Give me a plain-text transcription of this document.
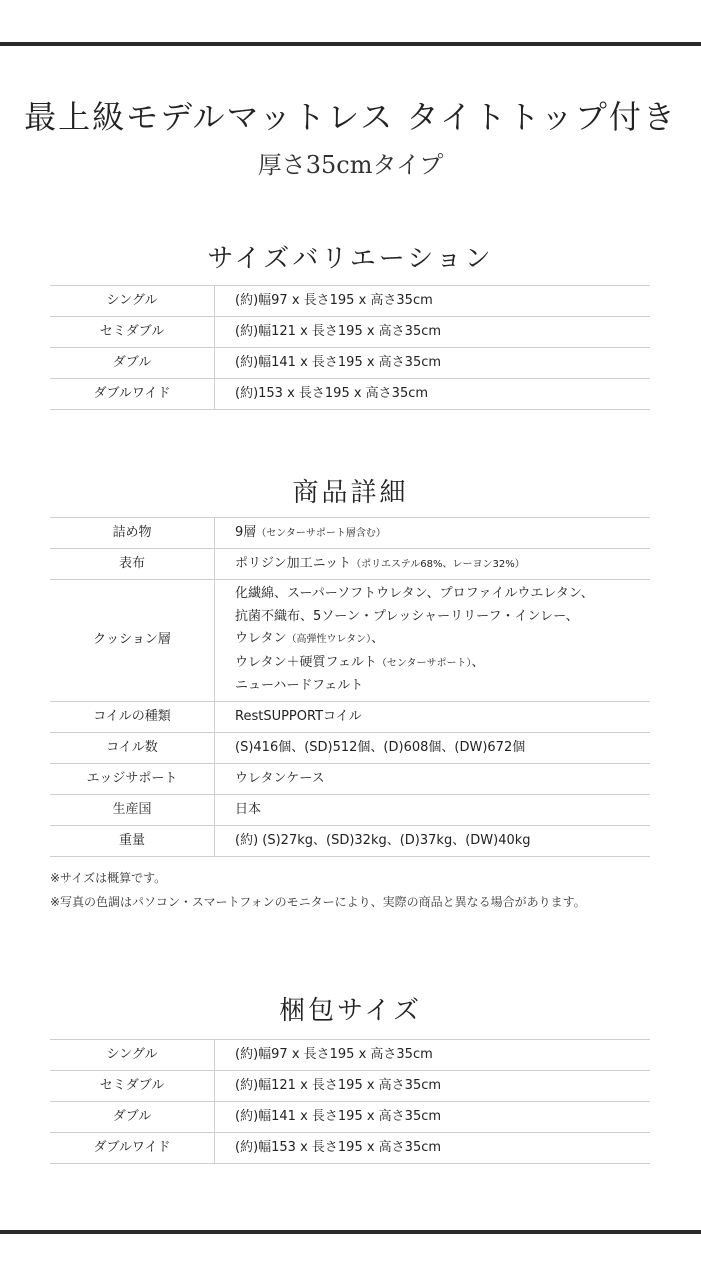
最上級モデルマットレス タイトトップ付き
厚さ35cmタイプ
サイズバリエーション
シングル	(約)幅97 x 長さ195 x 高さ35cm
セミダブル	(約)幅121 x 長さ195 x 高さ35cm
ダブル	(約)幅141 x 長さ195 x 高さ35cm
ダブルワイド	(約)153 x 長さ195 x 高さ35cm
商品詳細
詰め物	9層（センターサポート層含む）
表布	ポリジン加工ニット（ポリエステル68%、レーヨン32%）
クッション層	化繊綿、スーパーソフトウレタン、プロファイルウエレタン、
抗菌不織布、5ソーン・プレッシャーリリーフ・インレー、
ウレタン（高弾性ウレタン）、
ウレタン＋硬質フェルト（センターサポート）、
ニューハードフェルト

コイルの種類	RestSUPPORTコイル
コイル数	(S)416個、(SD)512個、(D)608個、(DW)672個
エッジサポート	ウレタンケース
生産国	日本
重量	(約) (S)27kg、(SD)32kg、(D)37kg、(DW)40kg
※サイズは概算です。
※写真の色調はパソコン・スマートフォンのモニターにより、実際の商品と異なる場合があります。
梱包サイズ
シングル	(約)幅97 x 長さ195 x 高さ35cm
セミダブル	(約)幅121 x 長さ195 x 高さ35cm
ダブル	(約)幅141 x 長さ195 x 高さ35cm
ダブルワイド	(約)幅153 x 長さ195 x 高さ35cm
